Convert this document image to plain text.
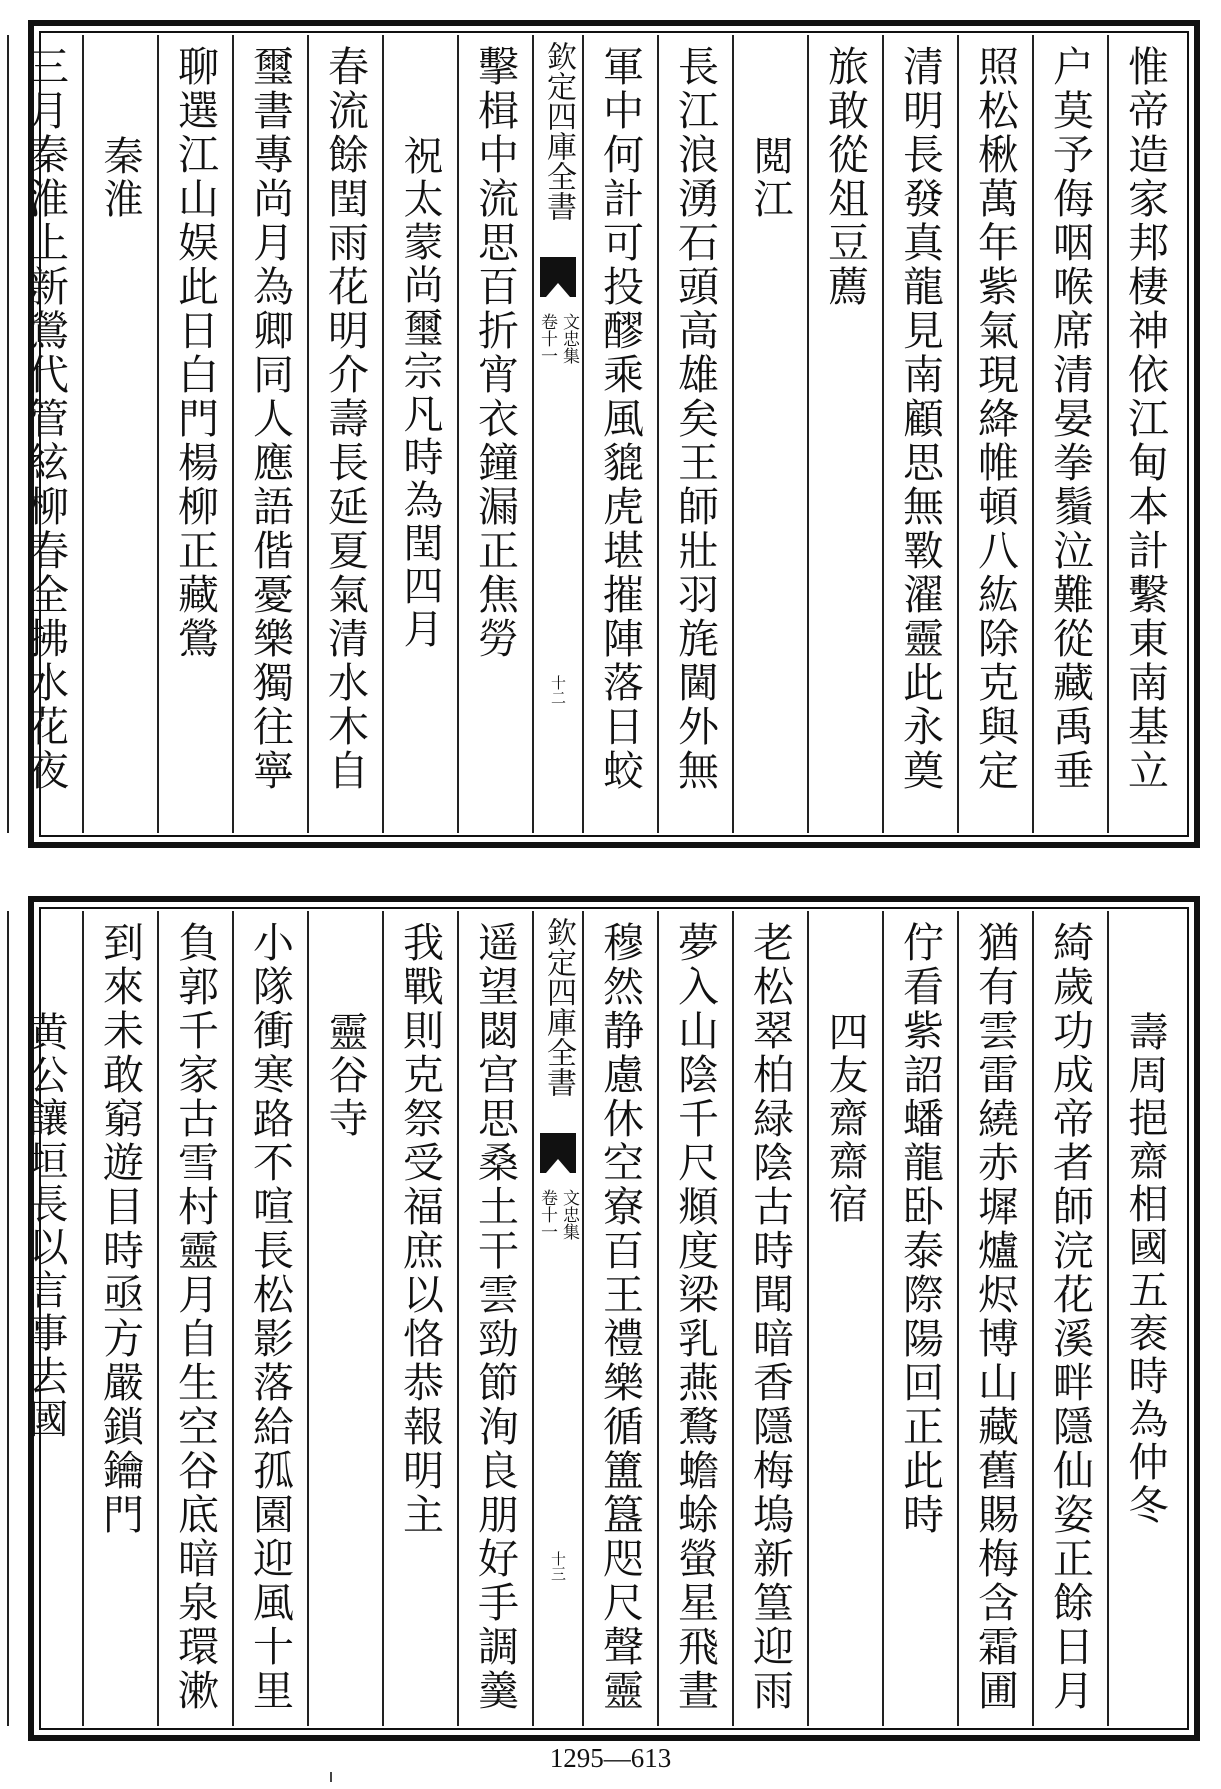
惟帝造家邦棲神依江甸本計繫東南基立
户莫予侮咽喉席清晏拳鬚泣難從藏禹垂
照松楸萬年紫氣現絳帷頓八紘除克與定
清明長發真龍見南顧思無斁濯靈此永奠
旅敢從俎豆薦
閲江
長江浪湧石頭高雄矣王師壯羽旄閫外無
軍中何計可投醪乘風貔虎堪摧陣落日蛟
欽定四庫全書
文忠集
卷十一
十二
擊楫中流思百折宵衣鐘漏正焦勞
祝太蒙尚璽宗凡時為閏四月
春流餘閏雨花明介壽長延夏氣清水木自
璽書專尚月為卿同人應語偕憂樂獨往寧
聊選江山娱此日白門楊柳正藏鶯
秦淮
三月秦淮上新鶯代管絃柳春全拂水花夜
壽周挹齋相國五袠時為仲冬
綺歲功成帝者師浣花溪畔隱仙姿正餘日月
猶有雲雷繞赤墀爐烬博山藏舊賜梅含霜圃
佇看紫詔蟠龍卧泰際陽回正此時
四友齋齋宿
老松翠柏緑陰古時聞暗香隱梅塢新篁迎雨
夢入山陰千尺頫度梁乳燕鶩蟾蜍螢星飛晝
穆然静慮休空寮百王禮樂循簠簋咫尺聲靈
欽定四庫全書
文忠集
卷十一
十三
遥望閟宫思桑土干雲勁節洵良朋好手調羹
我戰則克祭受福庶以恪恭報明主
靈谷寺
小隊衝寒路不喧長松影落給孤園迎風十里
負郭千家古雪村靈月自生空谷底暗泉環漱
到來未敢窮遊目時亟方嚴鎖鑰門
黄公讓垣長以言事去國
1295—613
